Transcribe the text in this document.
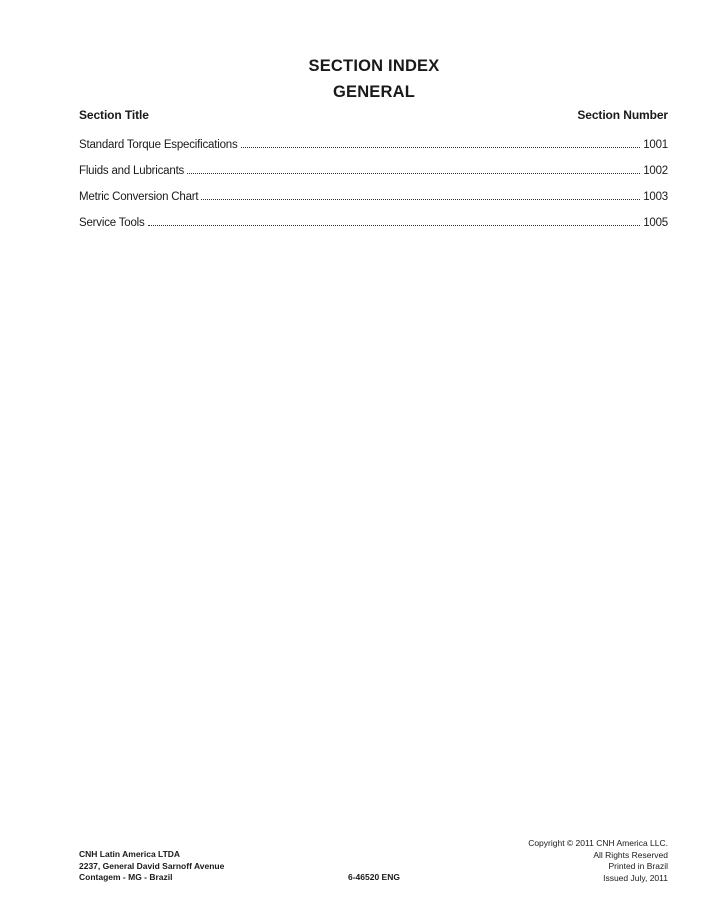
SECTION INDEX
GENERAL
Section Title	Section Number
Standard Torque Especifications	1001
Fluids and Lubricants	1002
Metric Conversion Chart	1003
Service Tools	1005
CNH Latin America LTDA
2237, General David Sarnoff Avenue
Contagem - MG - Brazil	6-46520 ENG
Copyright © 2011 CNH America LLC.
All Rights Reserved
Printed in Brazil
Issued July, 2011
